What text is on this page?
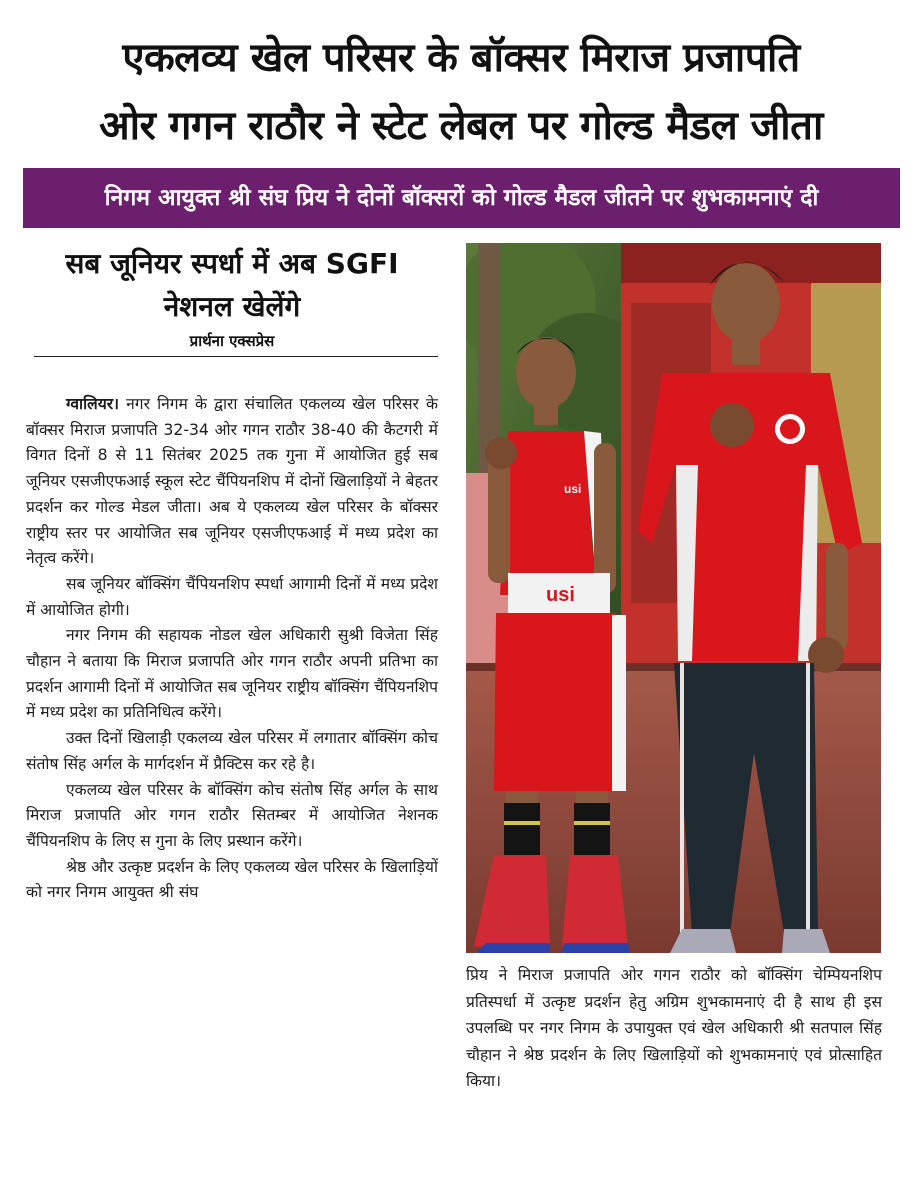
एकलव्य खेल परिसर के बॉक्सर मिराज प्रजापति
ओर गगन राठौर ने स्टेट लेबल पर गोल्ड मैडल जीता
निगम आयुक्त श्री संघ प्रिय ने दोनों बॉक्सरों को गोल्ड मैडल जीतने पर शुभकामनाएं दी
सब जूनियर स्पर्धा में अब SGFI
नेशनल खेलेंगे
प्रार्थना एक्सप्रेस

ग्वालियर। नगर निगम के द्वारा संचालित एकलव्य खेल परिसर के बॉक्सर मिराज प्रजापति 32-34 ओर गगन राठौर 38-40 की कैटगरी में विगत दिनों 8 से 11 सितंबर 2025 तक गुना में आयोजित हुई सब जूनियर एसजीएफआई स्कूल स्टेट चैंपियनशिप में दोनों खिलाड़ियों ने बेहतर प्रदर्शन कर गोल्ड मेडल जीता। अब ये एकलव्य खेल परिसर के बॉक्सर राष्ट्रीय स्तर पर आयोजित सब जूनियर एसजीएफआई में मध्य प्रदेश का नेतृत्व करेंगे।

सब जूनियर बॉक्सिंग चैंपियनशिप स्पर्धा आगामी दिनों में मध्य प्रदेश में आयोजित होगी।

नगर निगम की सहायक नोडल खेल अधिकारी सुश्री विजेता सिंह चौहान ने बताया कि मिराज प्रजापति ओर गगन राठौर अपनी प्रतिभा का प्रदर्शन आगामी दिनों में आयोजित सब जूनियर राष्ट्रीय बॉक्सिंग चैंपियनशिप में मध्य प्रदेश का प्रतिनिधित्व करेंगे।

उक्त दिनों खिलाड़ी एकलव्य खेल परिसर में लगातार बॉक्सिंग कोच संतोष सिंह अर्गल के मार्गदर्शन में प्रैक्टिस कर रहे है।

एकलव्य खेल परिसर के बॉक्सिंग कोच संतोष सिंह अर्गल के साथ मिराज प्रजापति ओर गगन राठौर सितम्बर में आयोजित नेशनक चैंपियनशिप के लिए स गुना के लिए प्रस्थान करेंगे।

श्रेष्ठ और उत्कृष्ट प्रदर्शन के लिए एकलव्य खेल परिसर के खिलाड़ियों को नगर निगम आयुक्त श्री संघ

usi
usi

प्रिय ने मिराज प्रजापति ओर गगन राठौर को बॉक्सिंग चेम्पियनशिप प्रतिस्पर्धा में उत्कृष्ट प्रदर्शन हेतु अग्रिम शुभकामनाएं दी है साथ ही इस उपलब्धि पर नगर निगम के उपायुक्त एवं खेल अधिकारी श्री सतपाल सिंह चौहान ने श्रेष्ठ प्रदर्शन के लिए खिलाड़ियों को शुभकामनाएं एवं प्रोत्साहित किया।
